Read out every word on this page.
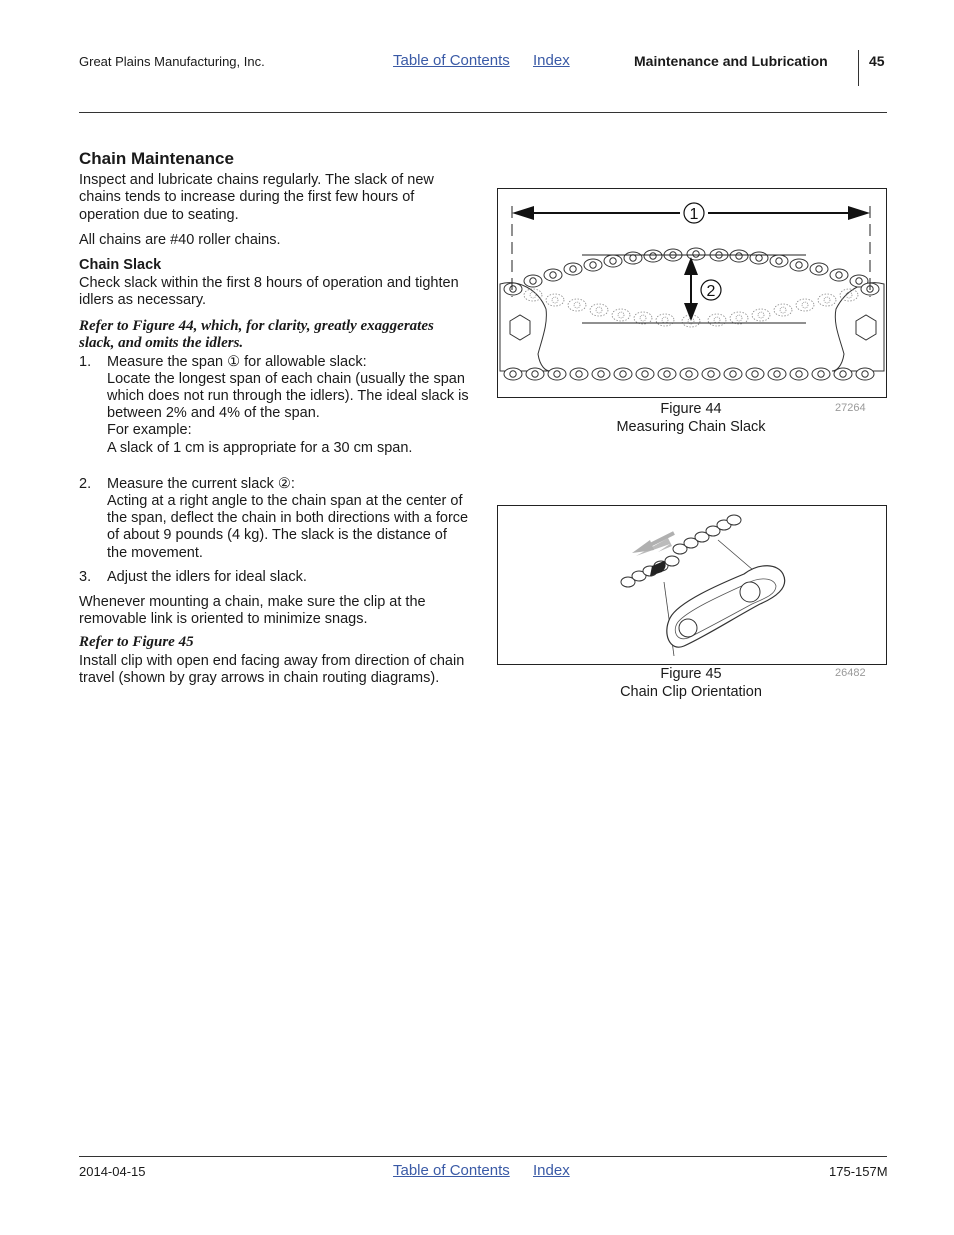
Great Plains Manufacturing, Inc.	Table of Contents Index	Maintenance and Lubrication	45
Chain Maintenance

Inspect and lubricate chains regularly. The slack of new chains tends to increase during the first few hours of operation due to seating.

All chains are #40 roller chains.

Chain Slack

Check slack within the first 8 hours of operation and tighten idlers as necessary.

Refer to Figure 44, which, for clarity, greatly exaggerates slack, and omits the idlers.

1. Measure the span ① for allowable slack:
Locate the longest span of each chain (usually the span which does not run through the idlers). The ideal slack is between 2% and 4% of the span.
For example:
A slack of 1 cm is appropriate for a 30 cm span.
2. Measure the current slack ②:
Acting at a right angle to the chain span at the center of the span, deflect the chain in both directions with a force of about 9 pounds (4 kg). The slack is the distance of the movement.
3. Adjust the idlers for ideal slack.

Whenever mounting a chain, make sure the clip at the removable link is oriented to minimize snags.

Refer to Figure 45

Install clip with open end facing away from direction of chain travel (shown by gray arrows in chain routing diagrams).

1
2
Figure 44
Measuring Chain Slack
27264
Figure 45
Chain Clip Orientation
26482
2014-04-15	Table of Contents Index	175-157M
